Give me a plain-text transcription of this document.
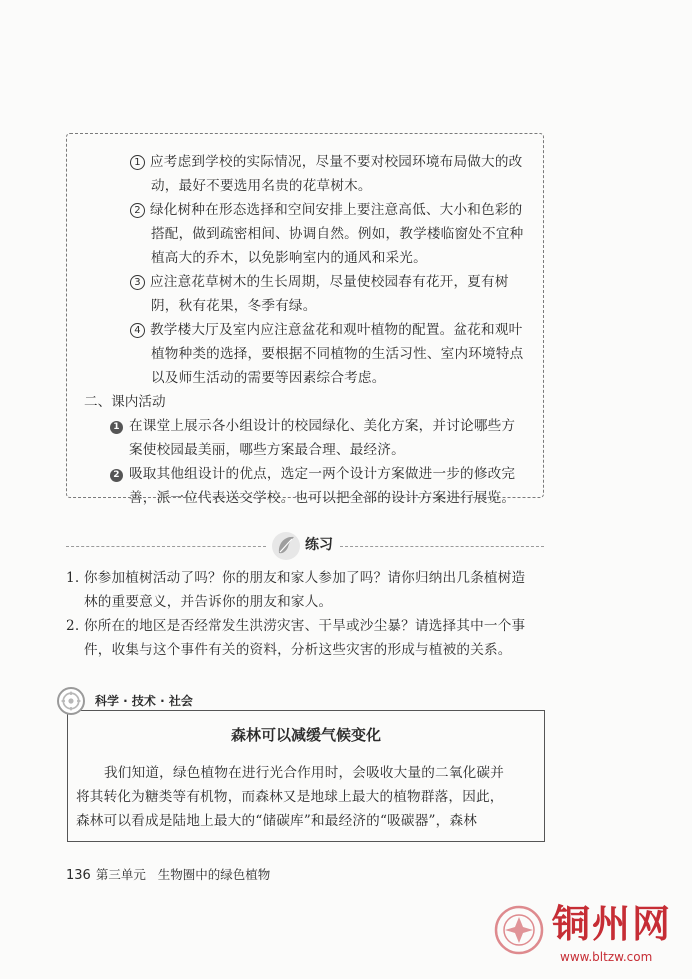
1 应考虑到学校的实际情况，尽量不要对校园环境布局做大的改
动，最好不要选用名贵的花草树木。
2 绿化树种在形态选择和空间安排上要注意高低、大小和色彩的
搭配，做到疏密相间、协调自然。例如，教学楼临窗处不宜种
植高大的乔木，以免影响室内的通风和采光。
3 应注意花草树木的生长周期，尽量使校园春有花开，夏有树
阴，秋有花果，冬季有绿。
4 教学楼大厅及室内应注意盆花和观叶植物的配置。盆花和观叶
植物种类的选择，要根据不同植物的生活习性、室内环境特点
以及师生活动的需要等因素综合考虑。
二、课内活动
1 在课堂上展示各小组设计的校园绿化、美化方案，并讨论哪些方
案使校园最美丽，哪些方案最合理、最经济。
2 吸取其他组设计的优点，选定一两个设计方案做进一步的修改完
善，派一位代表送交学校。也可以把全部的设计方案进行展览。
练习
1. 你参加植树活动了吗？你的朋友和家人参加了吗？请你归纳出几条植树造
林的重要意义，并告诉你的朋友和家人。
2. 你所在的地区是否经常发生洪涝灾害、干旱或沙尘暴？请选择其中一个事
件，收集与这个事件有关的资料，分析这些灾害的形成与植被的关系。
科学 · 技术 · 社会
森林可以减缓气候变化
我们知道，绿色植物在进行光合作用时，会吸收大量的二氧化碳并
将其转化为糖类等有机物，而森林又是地球上最大的植物群落，因此，
森林可以看成是陆地上最大的“储碳库”和最经济的“吸碳器”，森林
136 第三单元 生物圈中的绿色植物
铜州网
www.bltzw.com
